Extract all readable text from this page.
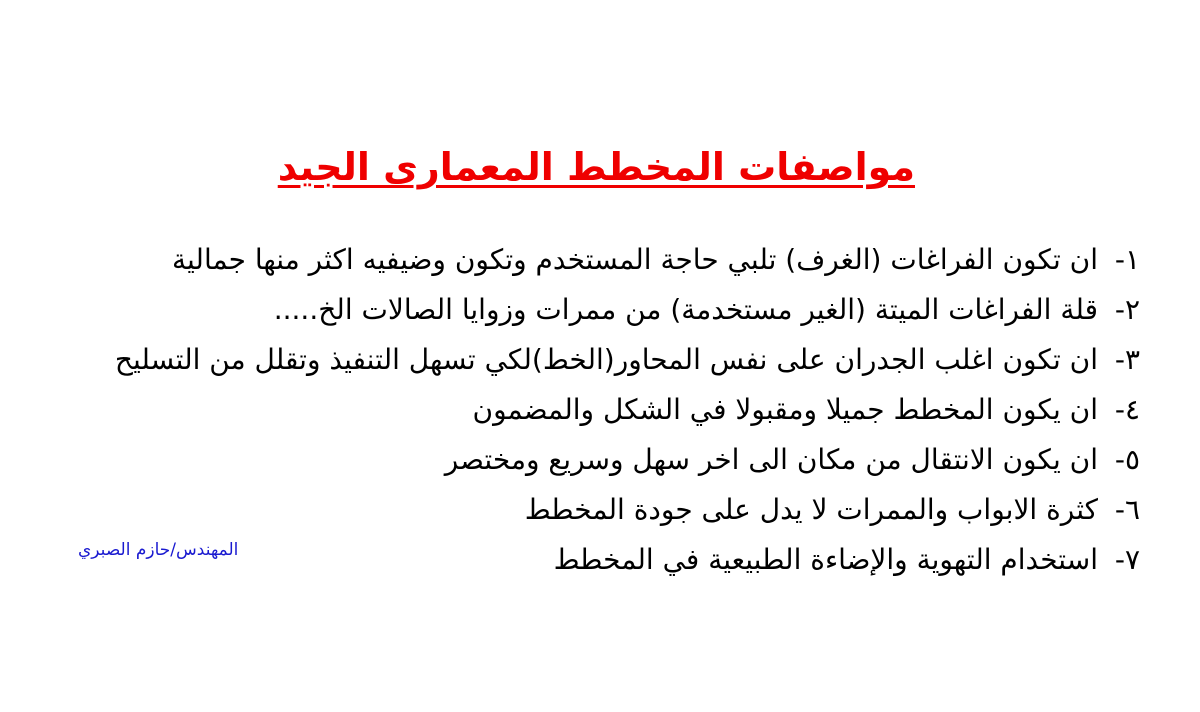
مواصفات المخطط المعمارى الجيد
١-
ان تكون الفراغات (الغرف) تلبي حاجة المستخدم وتكون وضيفيه اكثر منها جمالية
٢-
قلة الفراغات الميتة (الغير مستخدمة) من ممرات وزوايا الصالات الخ.....
٣-
ان تكون اغلب الجدران على نفس المحاور(الخط)لكي تسهل التنفيذ وتقلل من التسليح
٤-
ان يكون المخطط جميلا ومقبولا في الشكل والمضمون
٥-
ان يكون الانتقال من مكان الى اخر سهل وسريع ومختصر
٦-
كثرة الابواب والممرات لا يدل على جودة المخطط
٧-
استخدام التهوية والإضاءة الطبيعية في المخطط
المهندس/حازم الصبري
